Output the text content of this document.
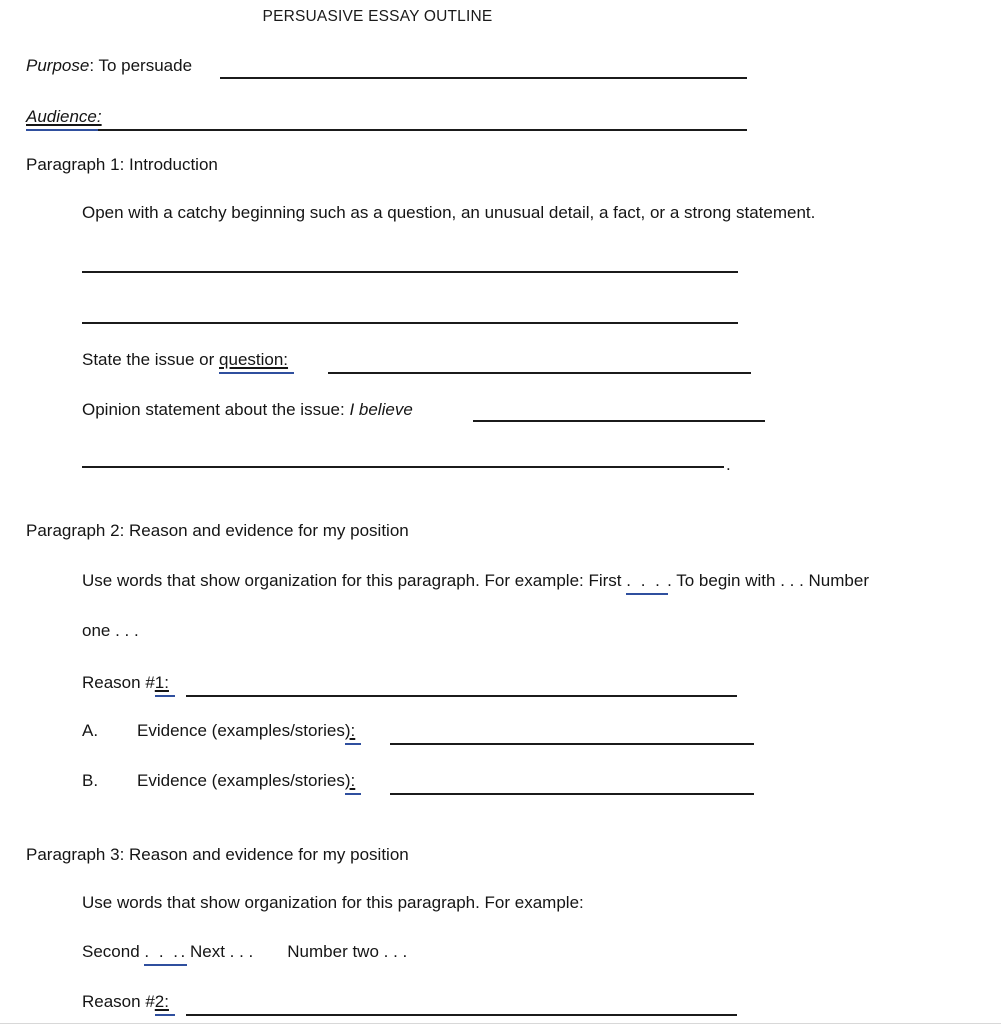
PERSUASIVE ESSAY OUTLINE
Purpose: To persuade
Audience:
Paragraph 1: Introduction
Open with a catchy beginning such as a question, an unusual detail, a fact, or a strong statement.
State the issue or question:
Opinion statement about the issue: I believe
.
Paragraph 2: Reason and evidence for my position
Use words that show organization for this paragraph. For example: First . . . . To begin with . . . Number
one . . .
Reason #1:
A. Evidence (examples/stories):
B. Evidence (examples/stories):
Paragraph 3: Reason and evidence for my position
Use words that show organization for this paragraph. For example:
Second . . .. Next . . . Number two . . .
Reason #2:
